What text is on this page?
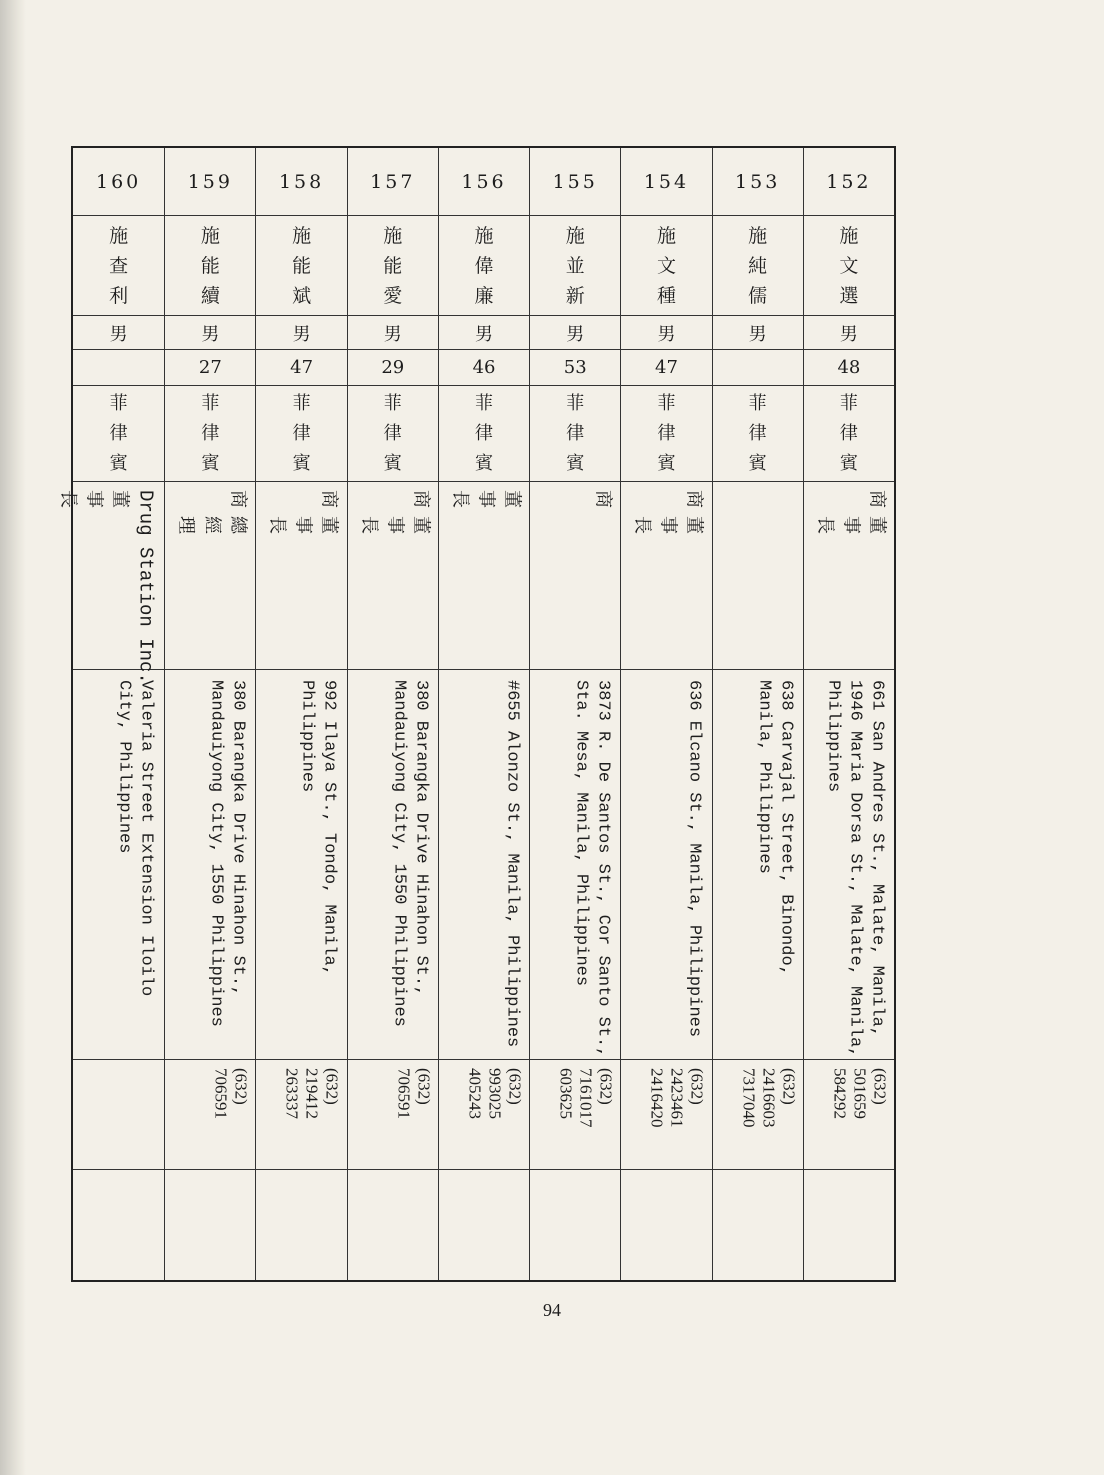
152
施
文
選
男
48
菲
律
賓
商
董
事
長
661 San Andres St., Malate, Manila,
1946 Maria Dorsa St., Malate, Manila,
Philippines
(632)
501659
584292
153
施
純
儒
男
菲
律
賓
638 Carvajal Street, Binondo,
Manila, Philippines
(632)
2416603
7317040
154
施
文
種
男
47
菲
律
賓
商
董
事
長
636 Elcano St., Manila, Philippines
(632)
2423461
2416420
155
施
並
新
男
53
菲
律
賓
商
3873 R. De Santos St., Cor Santo St.,
Sta. Mesa, Manila, Philippines
(632)
7161017
603625
156
施
偉
廉
男
46
菲
律
賓
董
事
長
#655 Alonzo St., Manila, Philippines
(632)
993025
405243
157
施
能
愛
男
29
菲
律
賓
商
董
事
長
380 Barangka Drive Hinahon St.,
Mandauiyong City, 1550 Philippines
(632)
706591
158
施
能
斌
男
47
菲
律
賓
商
董
事
長
992 Ilaya St., Tondo, Manila,
Philippines
(632)
219412
263337
159
施
能
續
男
27
菲
律
賓
商
總
經
理
380 Barangka Drive Hinahon St.,
Mandauiyong City, 1550 Philippines
(632)
706591
160
施
查
利
男
菲
律
賓
Drug Station Inc.
董
事
長
Valeria Street Extension Iloilo
City, Philippines
94
